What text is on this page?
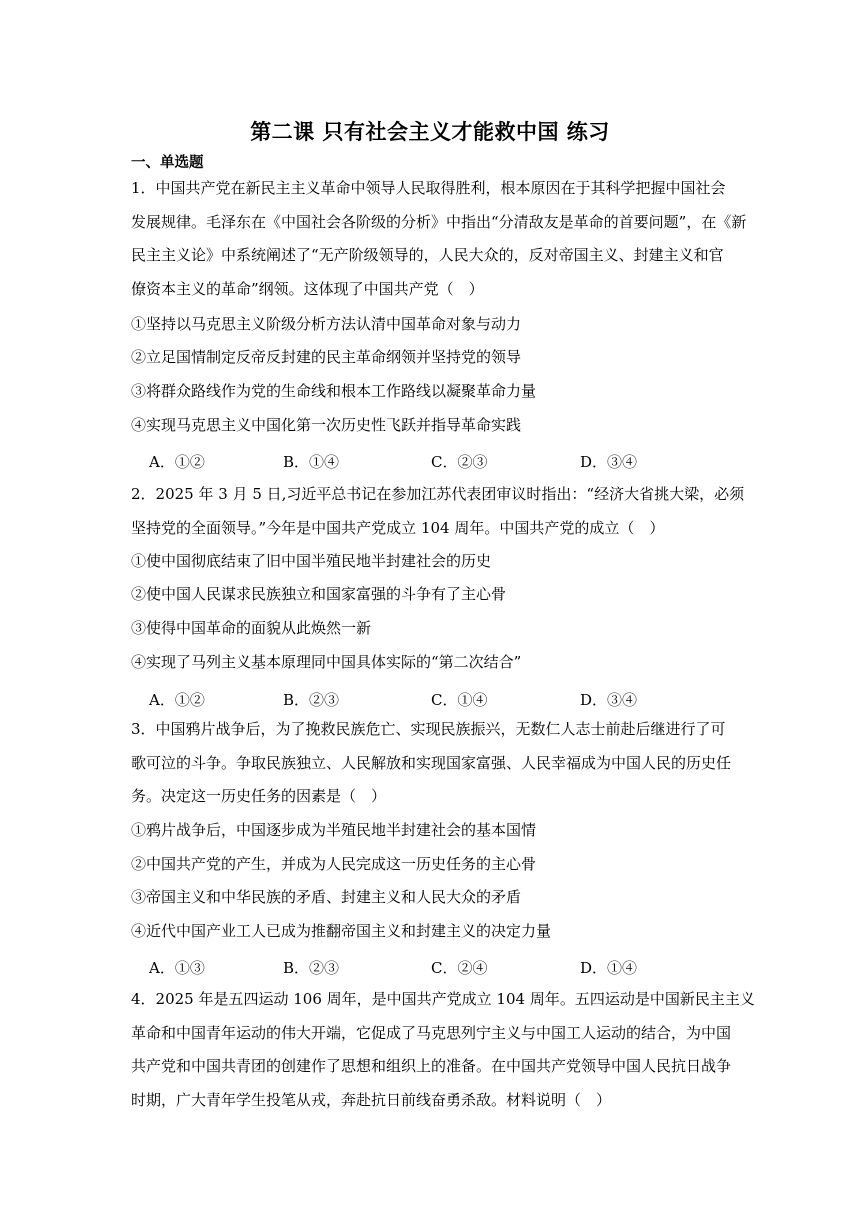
第二课 只有社会主义才能救中国 练习
一、单选题
1．中国共产党在新民主主义革命中领导人民取得胜利，根本原因在于其科学把握中国社会
发展规律。毛泽东在《中国社会各阶级的分析》中指出“分清敌友是革命的首要问题”，在《新
民主主义论》中系统阐述了“无产阶级领导的，人民大众的，反对帝国主义、封建主义和官
僚资本主义的革命”纲领。这体现了中国共产党（　）
①坚持以马克思主义阶级分析方法认清中国革命对象与动力
②立足国情制定反帝反封建的民主革命纲领并坚持党的领导
③将群众路线作为党的生命线和根本工作路线以凝聚革命力量
④实现马克思主义中国化第一次历史性飞跃并指导革命实践
A．①②	B．①④	C．②③	D．③④
2．2025 年 3 月 5 日,习近平总书记在参加江苏代表团审议时指出：“经济大省挑大梁，必须
坚持党的全面领导。”今年是中国共产党成立 104 周年。中国共产党的成立（　）
①使中国彻底结束了旧中国半殖民地半封建社会的历史
②使中国人民谋求民族独立和国家富强的斗争有了主心骨
③使得中国革命的面貌从此焕然一新
④实现了马列主义基本原理同中国具体实际的“第二次结合”
A．①②	B．②③	C．①④	D．③④
3．中国鸦片战争后，为了挽救民族危亡、实现民族振兴，无数仁人志士前赴后继进行了可
歌可泣的斗争。争取民族独立、人民解放和实现国家富强、人民幸福成为中国人民的历史任
务。决定这一历史任务的因素是（　）
①鸦片战争后，中国逐步成为半殖民地半封建社会的基本国情
②中国共产党的产生，并成为人民完成这一历史任务的主心骨
③帝国主义和中华民族的矛盾、封建主义和人民大众的矛盾
④近代中国产业工人已成为推翻帝国主义和封建主义的决定力量
A．①③	B．②③	C．②④	D．①④
4．2025 年是五四运动 106 周年，是中国共产党成立 104 周年。五四运动是中国新民主主义
革命和中国青年运动的伟大开端，它促成了马克思列宁主义与中国工人运动的结合，为中国
共产党和中国共青团的创建作了思想和组织上的准备。在中国共产党领导中国人民抗日战争
时期，广大青年学生投笔从戎，奔赴抗日前线奋勇杀敌。材料说明（　）
